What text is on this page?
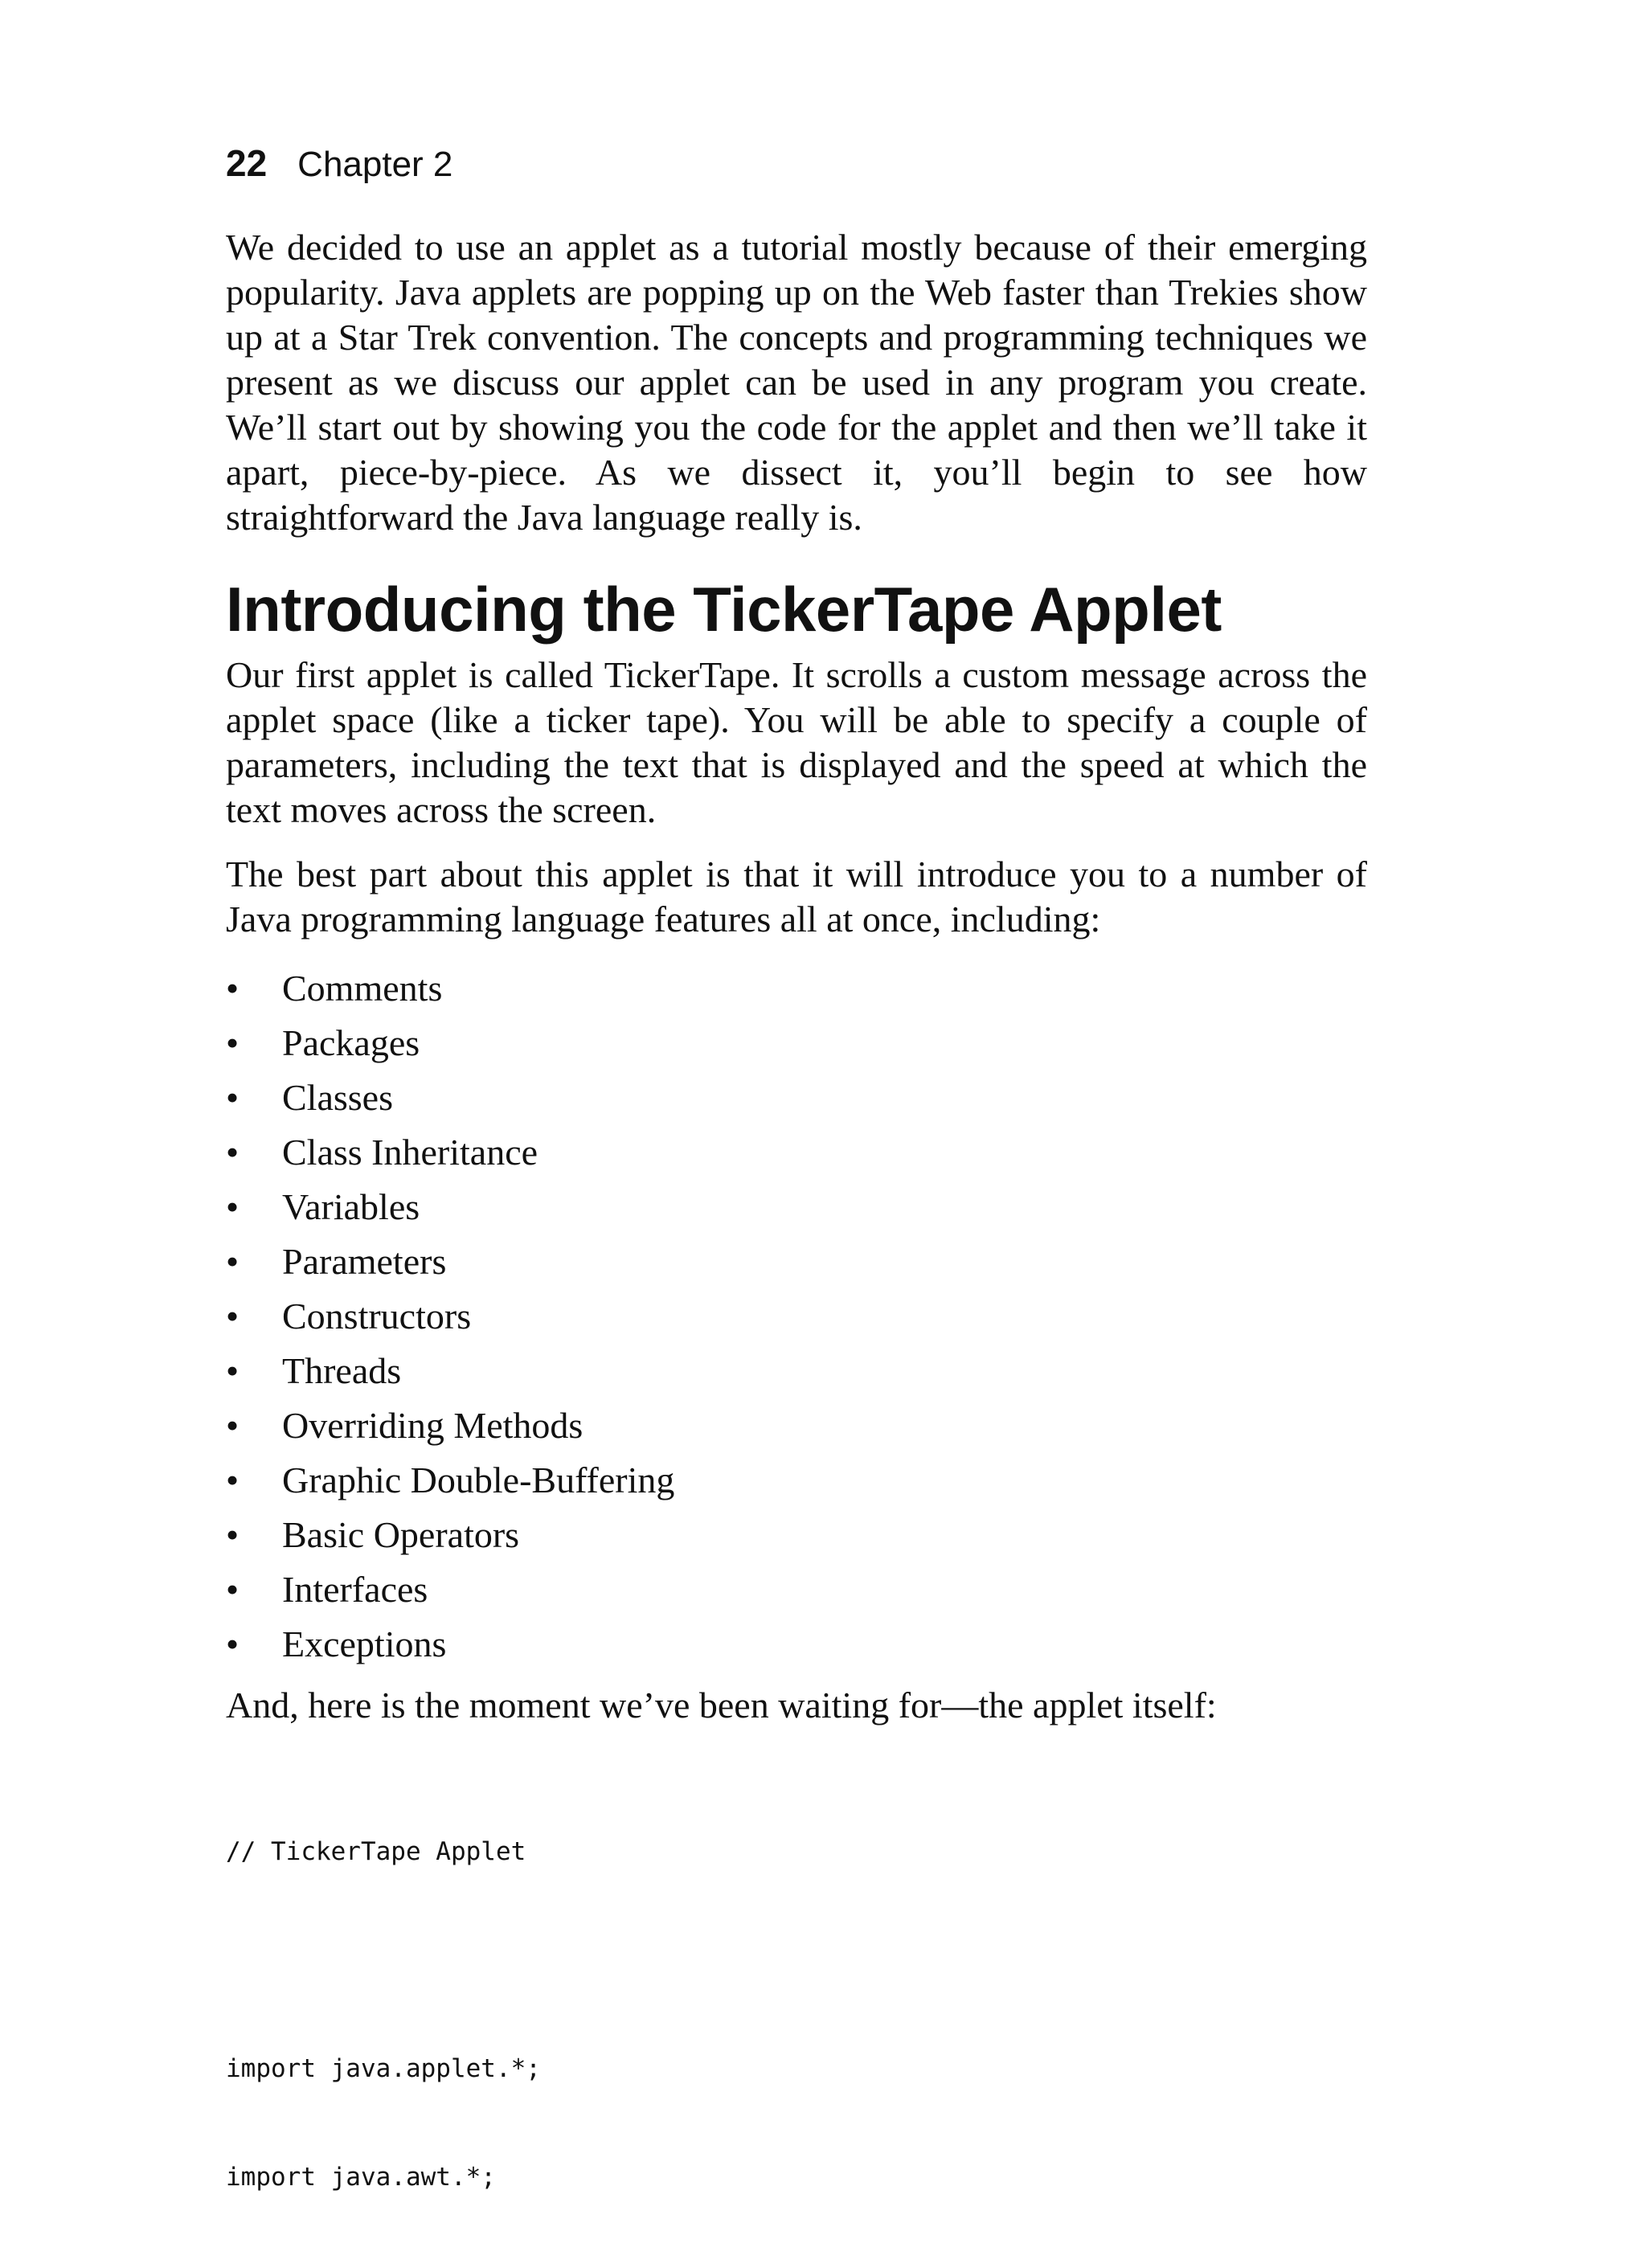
22 Chapter 2

We decided to use an applet as a tutorial mostly because of their emerging popularity. Java applets are popping up on the Web faster than Trekies show up at a Star Trek convention. The concepts and programming techniques we present as we discuss our applet can be used in any program you create. We’ll start out by showing you the code for the applet and then we’ll take it apart, piece-by-piece. As we dissect it, you’ll begin to see how straightforward the Java language really is.

Introducing the TickerTape Applet

Our first applet is called TickerTape. It scrolls a custom message across the applet space (like a ticker tape). You will be able to specify a couple of parameters, including the text that is displayed and the speed at which the text moves across the screen.

The best part about this applet is that it will introduce you to a number of Java programming language features all at once, including:

•	Comments
•	Packages
•	Classes
•	Class Inheritance
•	Variables
•	Parameters
•	Constructors
•	Threads
•	Overriding Methods
•	Graphic Double-Buffering
•	Basic Operators
•	Interfaces
•	Exceptions

And, here is the moment we’ve been waiting for—the applet itself:

// TickerTape Applet

import java.applet.*;

import java.awt.*;
